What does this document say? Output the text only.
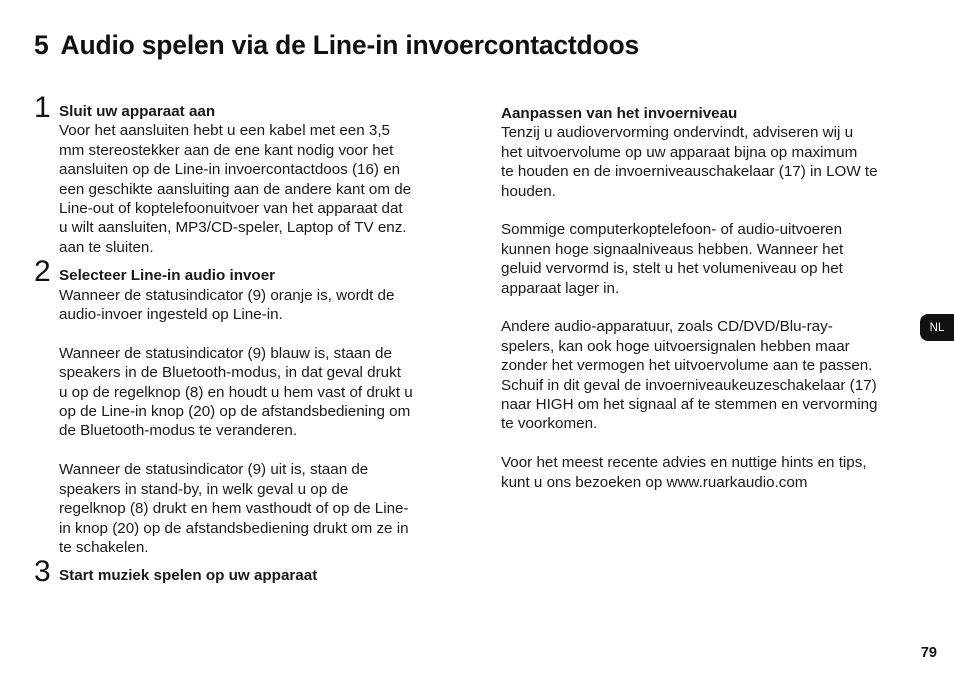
5 Audio spelen via de Line-in invoercontactdoos
1 Sluit uw apparaat aan

Voor het aansluiten hebt u een kabel met een 3,5
mm stereostekker aan de ene kant nodig voor het
aansluiten op de Line-in invoercontactdoos (16) en
een geschikte aansluiting aan de andere kant om de
Line-out of koptelefoonuitvoer van het apparaat dat
u wilt aansluiten, MP3/CD-speler, Laptop of TV enz.
aan te sluiten.

2 Selecteer Line-in audio invoer

Wanneer de statusindicator (9) oranje is, wordt de
audio-invoer ingesteld op Line-in.

Wanneer de statusindicator (9) blauw is, staan de
speakers in de Bluetooth-modus, in dat geval drukt
u op de regelknop (8) en houdt u hem vast of drukt u
op de Line-in knop (20) op de afstandsbediening om
de Bluetooth-modus te veranderen.

Wanneer de statusindicator (9) uit is, staan de
speakers in stand-by, in welk geval u op de
regelknop (8) drukt en hem vasthoudt of op de Line-
in knop (20) op de afstandsbediening drukt om ze in
te schakelen.

3 Start muziek spelen op uw apparaat
Aanpassen van het invoerniveau

Tenzij u audiovervorming ondervindt, adviseren wij u
het uitvoervolume op uw apparaat bijna op maximum
te houden en de invoerniveauschakelaar (17) in LOW te
houden.

Sommige computerkoptelefoon- of audio-uitvoeren
kunnen hoge signaalniveaus hebben. Wanneer het
geluid vervormd is, stelt u het volumeniveau op het
apparaat lager in.

Andere audio-apparatuur, zoals CD/DVD/Blu-ray-
spelers, kan ook hoge uitvoersignalen hebben maar
zonder het vermogen het uitvoervolume aan te passen.
Schuif in dit geval de invoerniveaukeuzeschakelaar (17)
naar HIGH om het signaal af te stemmen en vervorming
te voorkomen.

Voor het meest recente advies en nuttige hints en tips,
kunt u ons bezoeken op www.ruarkaudio.com

NL
79
